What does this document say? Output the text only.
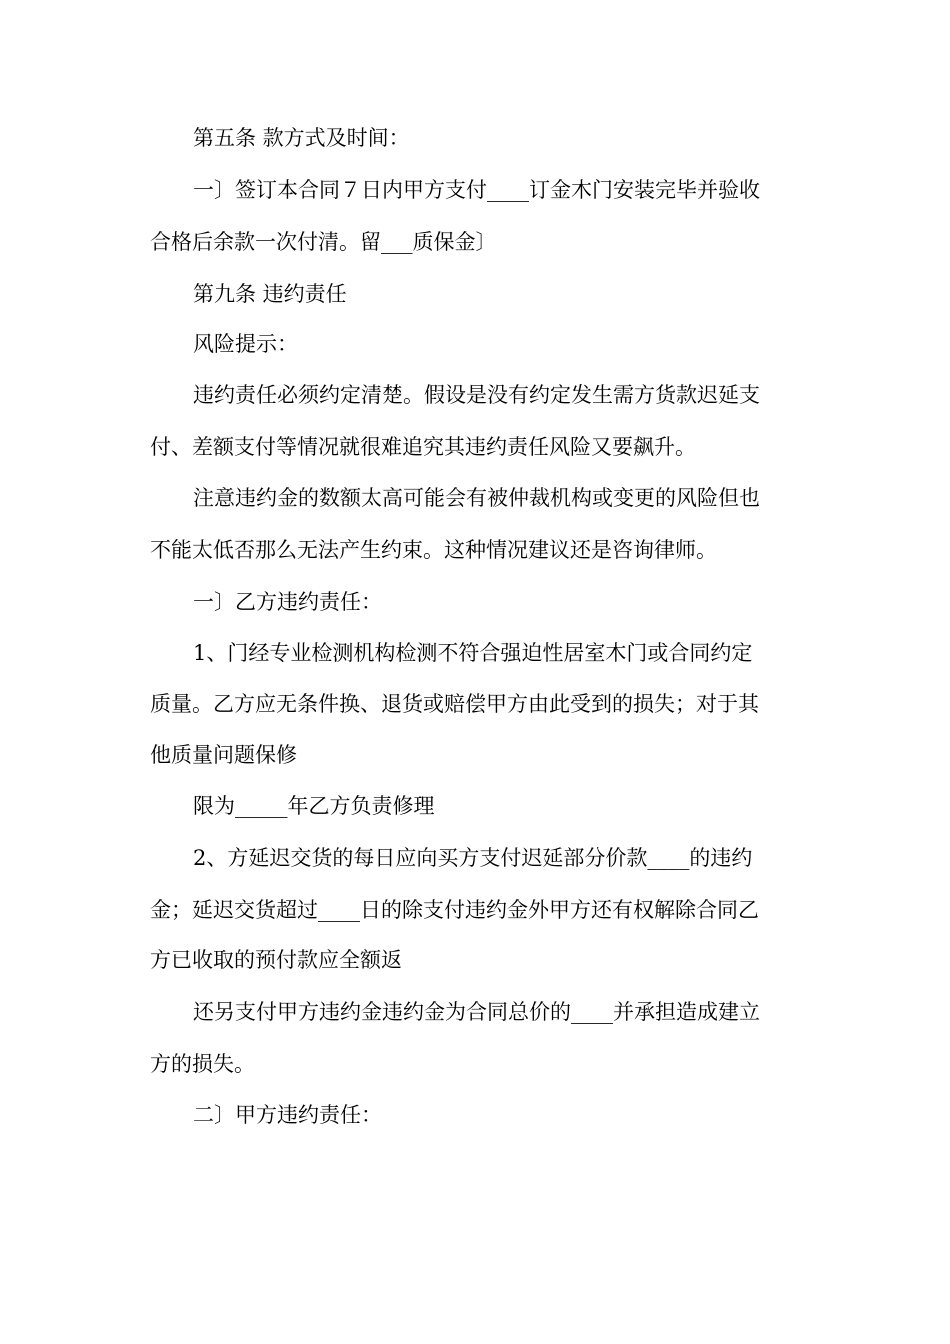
第五条 款方式及时间：
一〕签订本合同７日内甲方支付____订金木门安装完毕并验收
合格后余款一次付清。留___质保金〕
第九条 违约责任
风险提示：
违约责任必须约定清楚。假设是没有约定发生需方货款迟延支
付、差额支付等情况就很难追究其违约责任风险又要飙升。
注意违约金的数额太高可能会有被仲裁机构或变更的风险但也
不能太低否那么无法产生约束。这种情况建议还是咨询律师。
一〕乙方违约责任：
1、门经专业检测机构检测不符合强迫性居室木门或合同约定
质量。乙方应无条件换、退货或赔偿甲方由此受到的损失；对于其
他质量问题保修
限为_____年乙方负责修理
2、方延迟交货的每日应向买方支付迟延部分价款____的违约
金；延迟交货超过____日的除支付违约金外甲方还有权解除合同乙
方已收取的预付款应全额返
还另支付甲方违约金违约金为合同总价的____并承担造成建立
方的损失。
二〕甲方违约责任：
